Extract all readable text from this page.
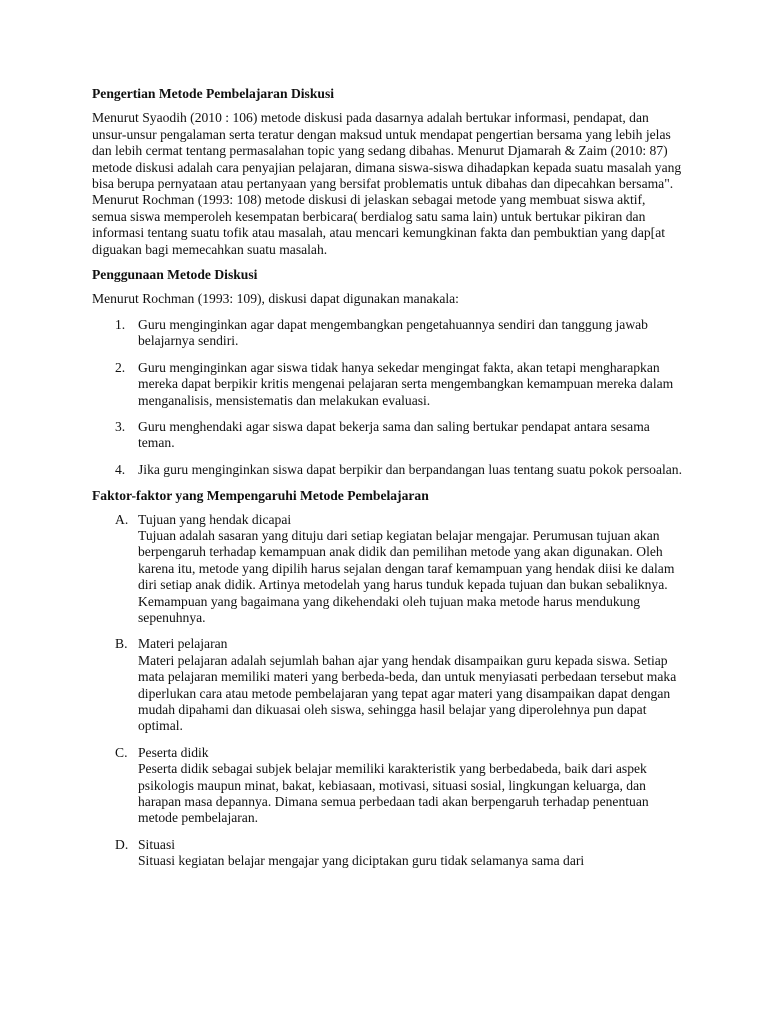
Pengertian Metode Pembelajaran Diskusi

Menurut Syaodih (2010 : 106) metode diskusi pada dasarnya adalah bertukar informasi, pendapat, dan unsur-unsur pengalaman serta teratur dengan maksud untuk mendapat pengertian bersama yang lebih jelas dan lebih cermat tentang permasalahan topic yang sedang dibahas. Menurut Djamarah & Zaim (2010: 87) metode diskusi adalah cara penyajian pelajaran, dimana siswa-siswa dihadapkan kepada suatu masalah yang bisa berupa pernyataan atau pertanyaan yang bersifat problematis untuk dibahas dan dipecahkan bersama". Menurut Rochman (1993: 108) metode diskusi di jelaskan sebagai metode yang membuat siswa aktif, semua siswa memperoleh kesempatan berbicara( berdialog satu sama lain) untuk bertukar pikiran dan informasi tentang suatu tofik atau masalah, atau mencari kemungkinan fakta dan pembuktian yang dap[at diguakan bagi memecahkan suatu masalah.

Penggunaan Metode Diskusi

Menurut Rochman (1993: 109), diskusi dapat digunakan manakala:

1. Guru menginginkan agar dapat mengembangkan pengetahuannya sendiri dan tanggung jawab belajarnya sendiri.
2. Guru menginginkan agar siswa tidak hanya sekedar mengingat fakta, akan tetapi mengharapkan mereka dapat berpikir kritis mengenai pelajaran serta mengembangkan kemampuan mereka dalam menganalisis, mensistematis dan melakukan evaluasi.
3. Guru menghendaki agar siswa dapat bekerja sama dan saling bertukar pendapat antara sesama teman.
4. Jika guru menginginkan siswa dapat berpikir dan berpandangan luas tentang suatu pokok persoalan.

Faktor-faktor yang Mempengaruhi Metode Pembelajaran

A. Tujuan yang hendak dicapai
Tujuan adalah sasaran yang dituju dari setiap kegiatan belajar mengajar. Perumusan tujuan akan berpengaruh terhadap kemampuan anak didik dan pemilihan metode yang akan digunakan. Oleh karena itu, metode yang dipilih harus sejalan dengan taraf kemampuan yang hendak diisi ke dalam diri setiap anak didik. Artinya metodelah yang harus tunduk kepada tujuan dan bukan sebaliknya. Kemampuan yang bagaimana yang dikehendaki oleh tujuan maka metode harus mendukung sepenuhnya.
B. Materi pelajaran
Materi pelajaran adalah sejumlah bahan ajar yang hendak disampaikan guru kepada siswa. Setiap mata pelajaran memiliki materi yang berbeda-beda, dan untuk menyiasati perbedaan tersebut maka diperlukan cara atau metode pembelajaran yang tepat agar materi yang disampaikan dapat dengan mudah dipahami dan dikuasai oleh siswa, sehingga hasil belajar yang diperolehnya pun dapat optimal.
C. Peserta didik
Peserta didik sebagai subjek belajar memiliki karakteristik yang berbedabeda, baik dari aspek psikologis maupun minat, bakat, kebiasaan, motivasi, situasi sosial, lingkungan keluarga, dan harapan masa depannya. Dimana semua perbedaan tadi akan berpengaruh terhadap penentuan metode pembelajaran.
D. Situasi
Situasi kegiatan belajar mengajar yang diciptakan guru tidak selamanya sama dari
